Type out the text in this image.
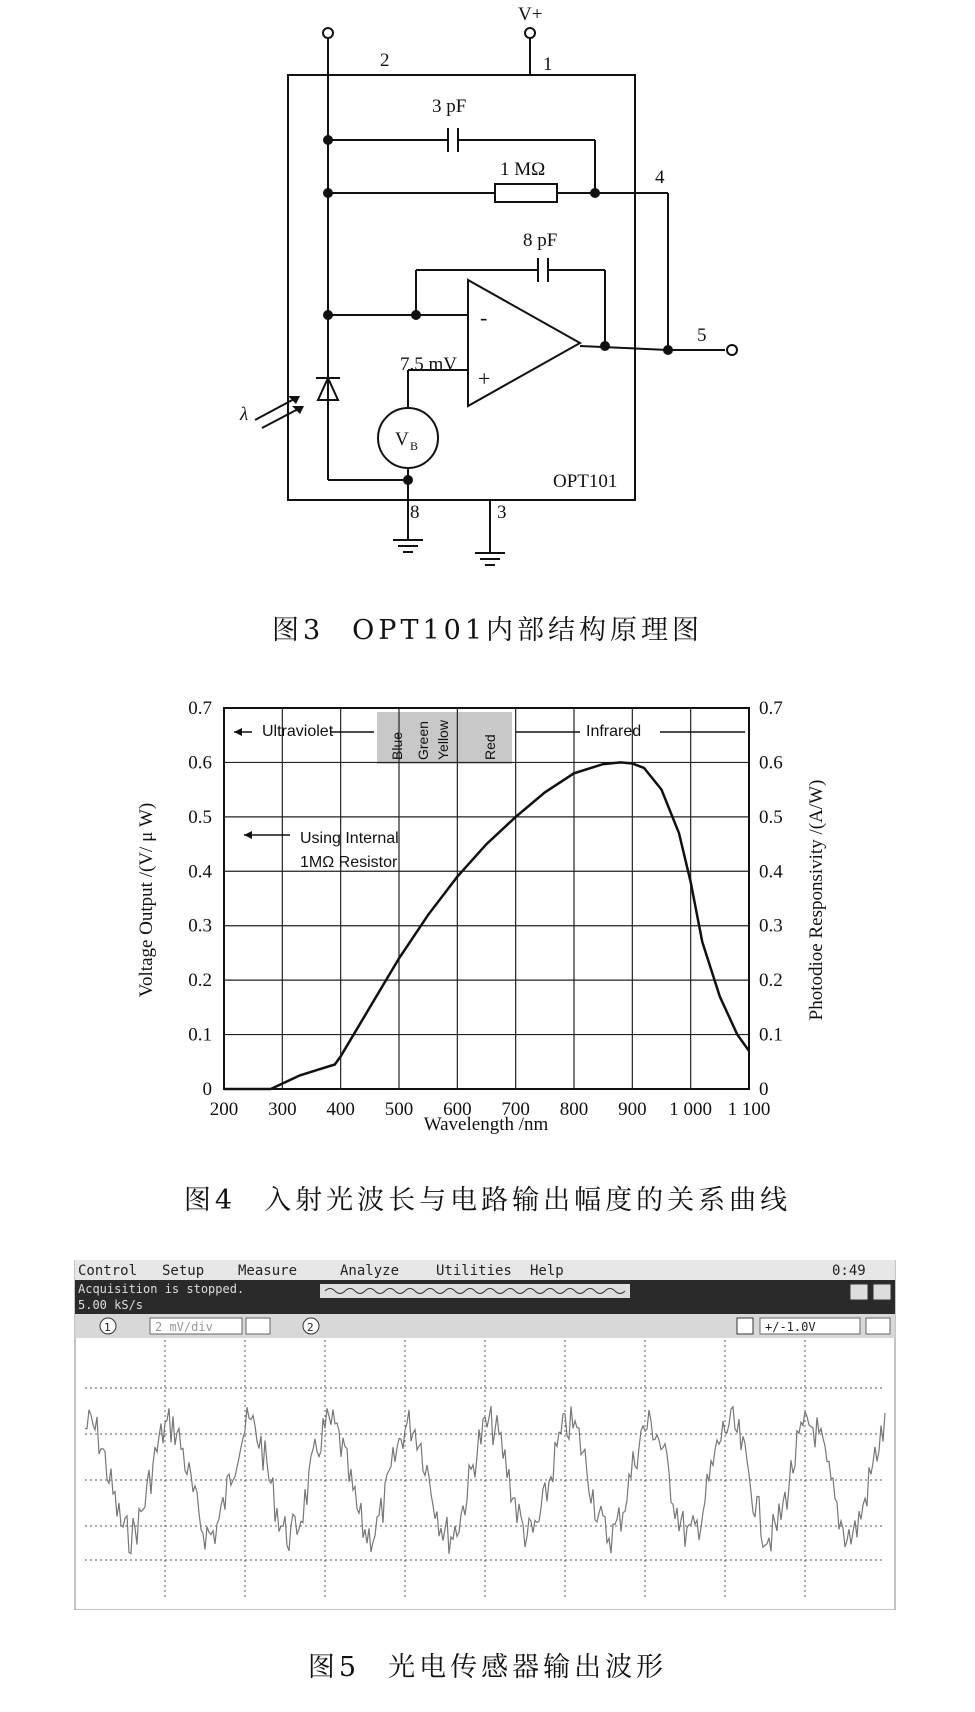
V+
1
2
3
4
5
8
3 pF
1 MΩ
8 pF
7.5 mV
V B
-
+
λ
OPT101
图3 OPT101内部结构原理图
200 300 400 500 600 700 800 900 1 000 1 100
0	0
0.1	0.1
0.2	0.2
0.3	0.3
0.4	0.4
0.5	0.5
0.6	0.6
0.7	0.7
Ultraviolet	Infrared
Blue Green Yellow Red
Using Internal
1MΩ Resistor
Wavelength /nm
Voltage Output /(V/ μ W)	Photodioe Responsivity /(A/W)
图4 入射光波长与电路输出幅度的关系曲线
Control Setup Measure	Analyze	Utilities Help	0:49
Acquisition is stopped.
5.00 kS/s
1	2 mV/div	2	+/-1.0V
图5 光电传感器输出波形
